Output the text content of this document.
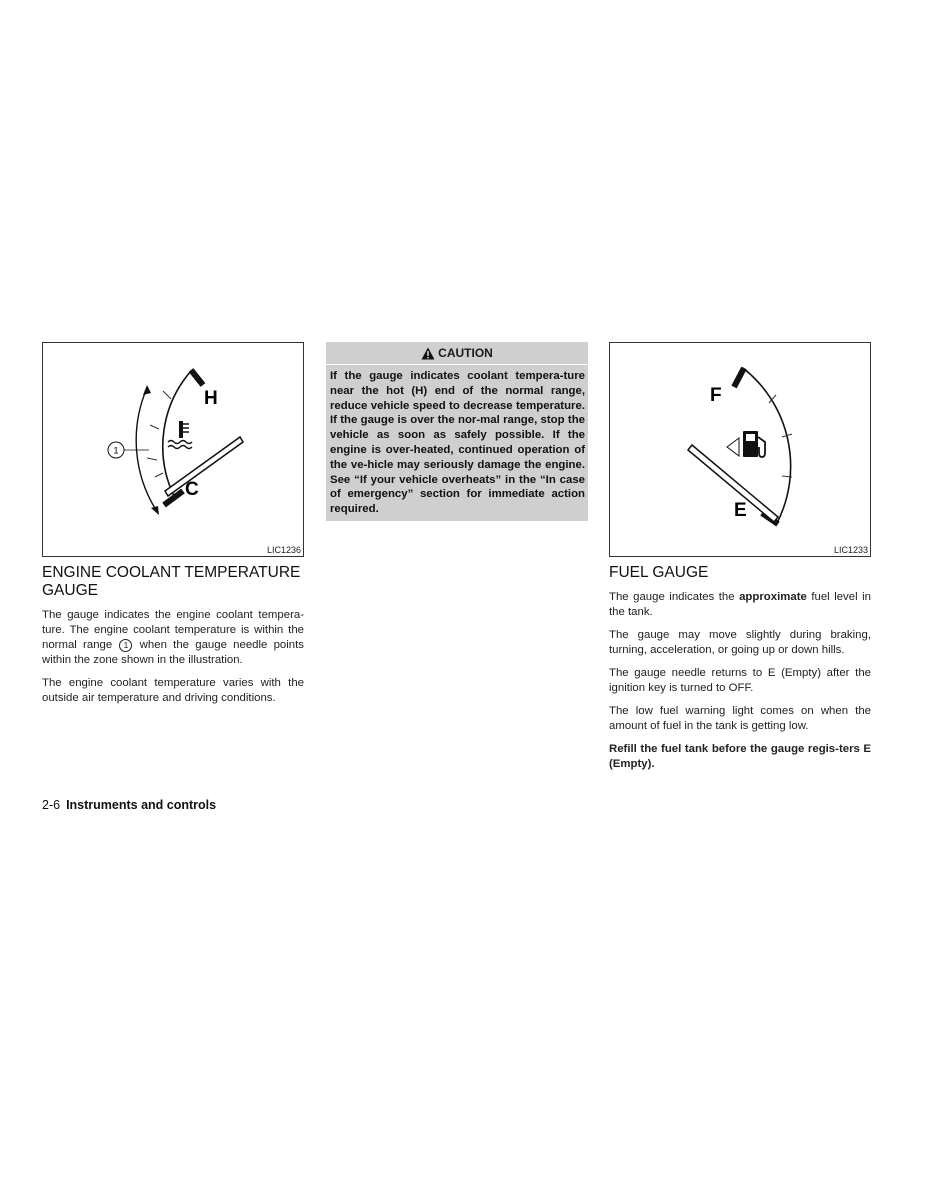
1
H
C
LIC1236
ENGINE COOLANT TEMPERATURE GAUGE

The gauge indicates the engine coolant tempera-ture. The engine coolant temperature is within the normal range 1 when the gauge needle points within the zone shown in the illustration.

The engine coolant temperature varies with the outside air temperature and driving conditions.

CAUTION
If the gauge indicates coolant tempera-ture near the hot (H) end of the normal range, reduce vehicle speed to decrease temperature. If the gauge is over the nor-mal range, stop the vehicle as soon as safely possible. If the engine is over-heated, continued operation of the ve-hicle may seriously damage the engine. See “If your vehicle overheats” in the “In case of emergency” section for immediate action required.
F
E
LIC1233
FUEL GAUGE

The gauge indicates the approximate fuel level in the tank.

The gauge may move slightly during braking, turning, acceleration, or going up or down hills.

The gauge needle returns to E (Empty) after the ignition key is turned to OFF.

The low fuel warning light comes on when the amount of fuel in the tank is getting low.

Refill the fuel tank before the gauge regis-ters E (Empty).

2-6 Instruments and controls
